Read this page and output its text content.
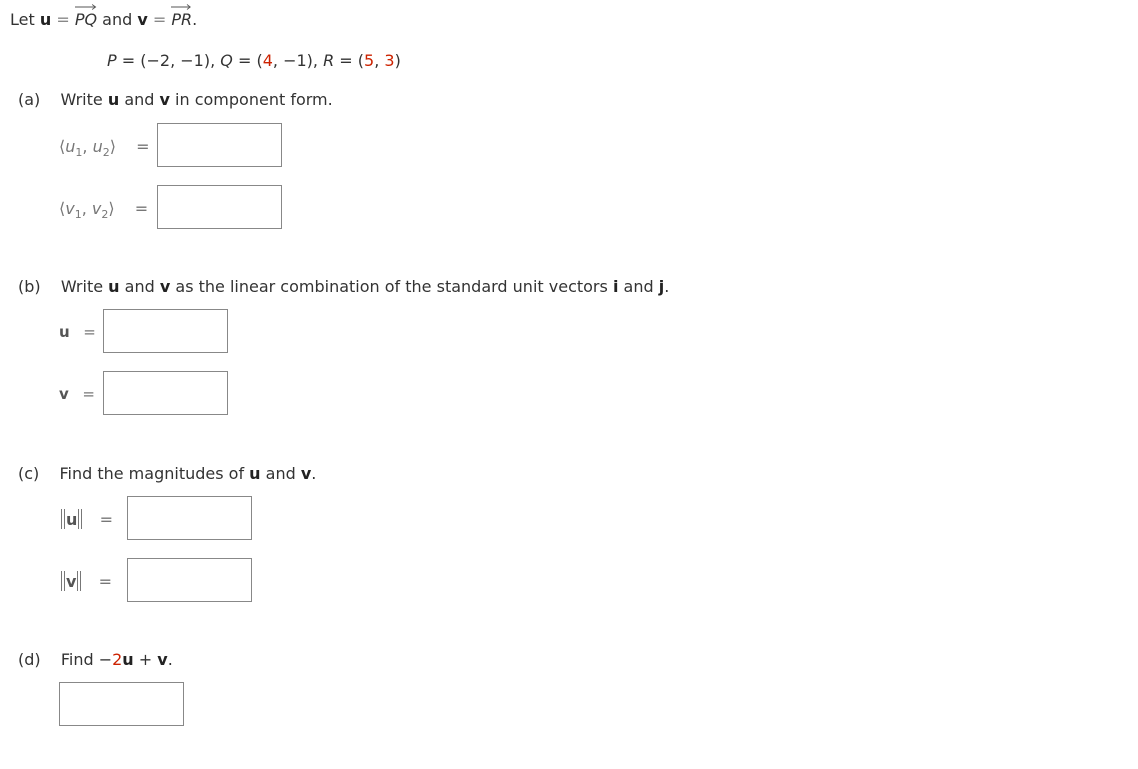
Let u = PQ and v = PR.
P = (−2, −1), Q = (4, −1), R = (5, 3)
(a) Write u and v in component form.
$⟨u_1$, $u_2⟩$ =
$⟨v_1$, $v_2⟩$ =
(b) Write u and v as the linear combination of the standard unit vectors i and j.
u =
v =
(c) Find the magnitudes of u and v.
u =
v =
(d) Find −2u + v.
